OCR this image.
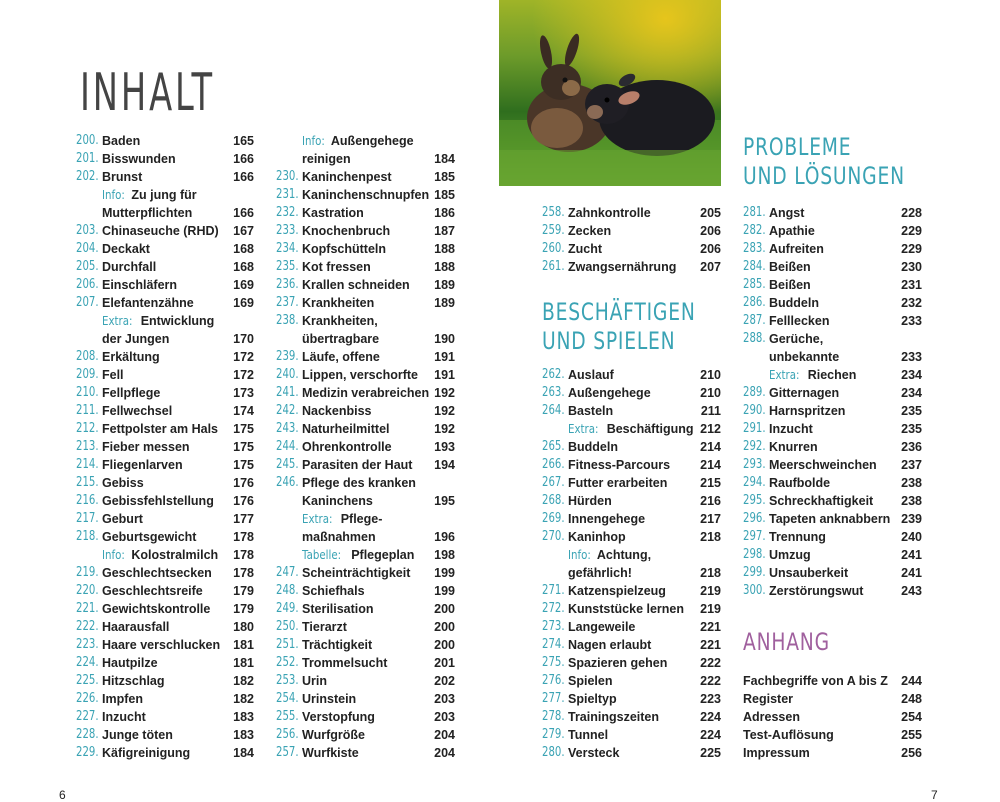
INHALT
200. Baden	165
201. Bisswunden	166
202. Brunst	166
Info: Zu jung für
Mutterpflichten	166
203. Chinaseuche (RHD) 167
204. Deckakt	168
205. Durchfall	168
206. Einschläfern	169
207. Elefantenzähne	169
Extra: Entwicklung
der Jungen	170
208. Erkältung	172
209. Fell	172
210. Fellpflege	173
211. Fellwechsel	174
212. Fettpolster am Hals 175
213. Fieber messen	175
214. Fliegenlarven	175
215. Gebiss	176
216. Gebissfehlstellung 176
217. Geburt	177
218. Geburtsgewicht	178
Info: Kolostralmilch 178
219. Geschlechtsecken 178
220. Geschlechtsreife 179
221. Gewichtskontrolle 179
222. Haarausfall	180
223. Haare verschlucken 181
224. Hautpilze	181
225. Hitzschlag	182
226. Impfen	182
227. Inzucht	183
228. Junge töten	183
229. Käfigreinigung	184
Info: Außengehege
reinigen	184
230. Kaninchenpest	185
231. Kaninchenschnupfen 185
232. Kastration	186
233. Knochenbruch	187
234. Kopfschütteln	188
235. Kot fressen	188
236. Krallen schneiden 189
237. Krankheiten	189
238. Krankheiten,
übertragbare	190
239. Läufe, offene	191
240. Lippen, verschorfte 191
241. Medizin verabreichen 192
242. Nackenbiss	192
243. Naturheilmittel	192
244. Ohrenkontrolle	193
245. Parasiten der Haut 194
246. Pflege des kranken
Kaninchens	195
Extra: Pflege-
maßnahmen	196
Tabelle: Pflegeplan 198
247. Scheinträchtigkeit 199
248. Schiefhals	199
249. Sterilisation	200
250. Tierarzt	200
251. Trächtigkeit	200
252. Trommelsucht	201
253. Urin	202
254. Urinstein	203
255. Verstopfung	203
256. Wurfgröße	204
257. Wurfkiste	204
258. Zahnkontrolle	205
259. Zecken	206
260. Zucht	206
261. Zwangsernährung 207
BESCHÄFTIGEN
UND SPIELEN
262. Auslauf	210
263. Außengehege	210
264. Basteln	211
Extra: Beschäftigung 212
265. Buddeln	214
266. Fitness-Parcours 214
267. Futter erarbeiten	215
268. Hürden	216
269. Innengehege	217
270. Kaninhop	218
Info: Achtung,
gefährlich!	218
271. Katzenspielzeug	219
272. Kunststücke lernen 219
273. Langeweile	221
274. Nagen erlaubt	221
275. Spazieren gehen	222
276. Spielen	222
277. Spieltyp	223
278. Trainingszeiten	224
279. Tunnel	224
280. Versteck	225
PROBLEME
UND LÖSUNGEN
281. Angst	228
282. Apathie	229
283. Aufreiten	229
284. Beißen	230
285. Beißen	231
286. Buddeln	232
287. Felllecken	233
288. Gerüche,
unbekannte	233
Extra: Riechen	234
289. Gitternagen	234
290. Harnspritzen	235
291. Inzucht	235
292. Knurren	236
293. Meerschweinchen 237
294. Raufbolde	238
295. Schreckhaftigkeit 238
296. Tapeten anknabbern 239
297. Trennung	240
298. Umzug	241
299. Unsauberkeit	241
300. Zerstörungswut	243
ANHANG
Fachbegriffe von A bis Z 244
Register	248
Adressen	254
Test-Auflösung	255
Impressum	256
6	7
